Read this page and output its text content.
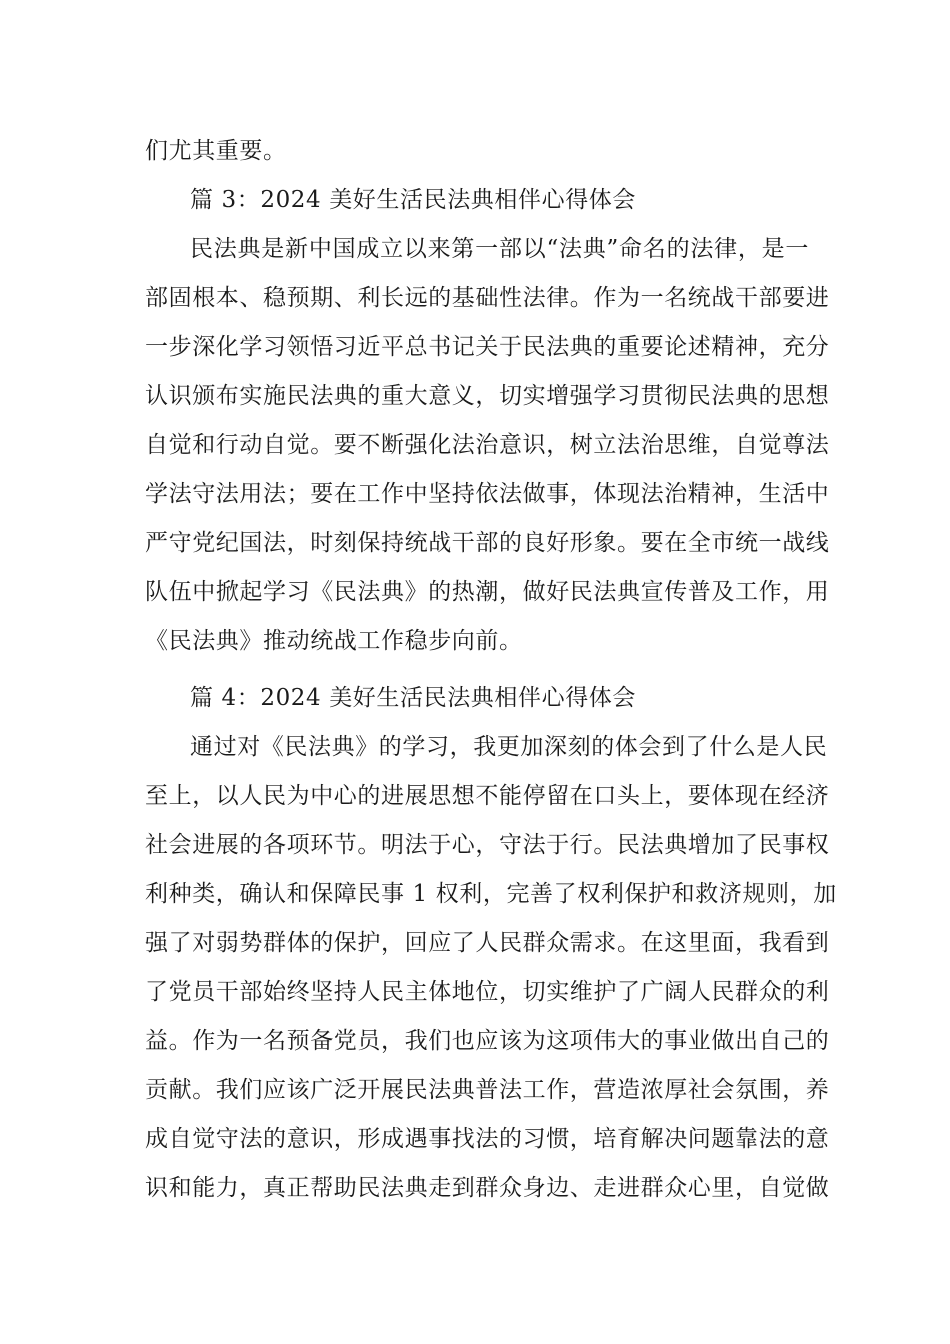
们尤其重要。
篇 3：2024 美好生活民法典相伴心得体会
民法典是新中国成立以来第一部以“法典”命名的法律，是一
部固根本、稳预期、利长远的基础性法律。作为一名统战干部要进
一步深化学习领悟习近平总书记关于民法典的重要论述精神，充分
认识颁布实施民法典的重大意义，切实增强学习贯彻民法典的思想
自觉和行动自觉。要不断强化法治意识，树立法治思维，自觉尊法
学法守法用法；要在工作中坚持依法做事，体现法治精神，生活中
严守党纪国法，时刻保持统战干部的良好形象。要在全市统一战线
队伍中掀起学习《民法典》的热潮，做好民法典宣传普及工作，用
《民法典》推动统战工作稳步向前。
篇 4：2024 美好生活民法典相伴心得体会
通过对《民法典》的学习，我更加深刻的体会到了什么是人民
至上，以人民为中心的进展思想不能停留在口头上，要体现在经济
社会进展的各项环节。明法于心，守法于行。民法典增加了民事权
利种类，确认和保障民事 1 权利，完善了权利保护和救济规则，加
强了对弱势群体的保护，回应了人民群众需求。在这里面，我看到
了党员干部始终坚持人民主体地位，切实维护了广阔人民群众的利
益。作为一名预备党员，我们也应该为这项伟大的事业做出自己的
贡献。我们应该广泛开展民法典普法工作，营造浓厚社会氛围，养
成自觉守法的意识，形成遇事找法的习惯，培育解决问题靠法的意
识和能力，真正帮助民法典走到群众身边、走进群众心里，自觉做
